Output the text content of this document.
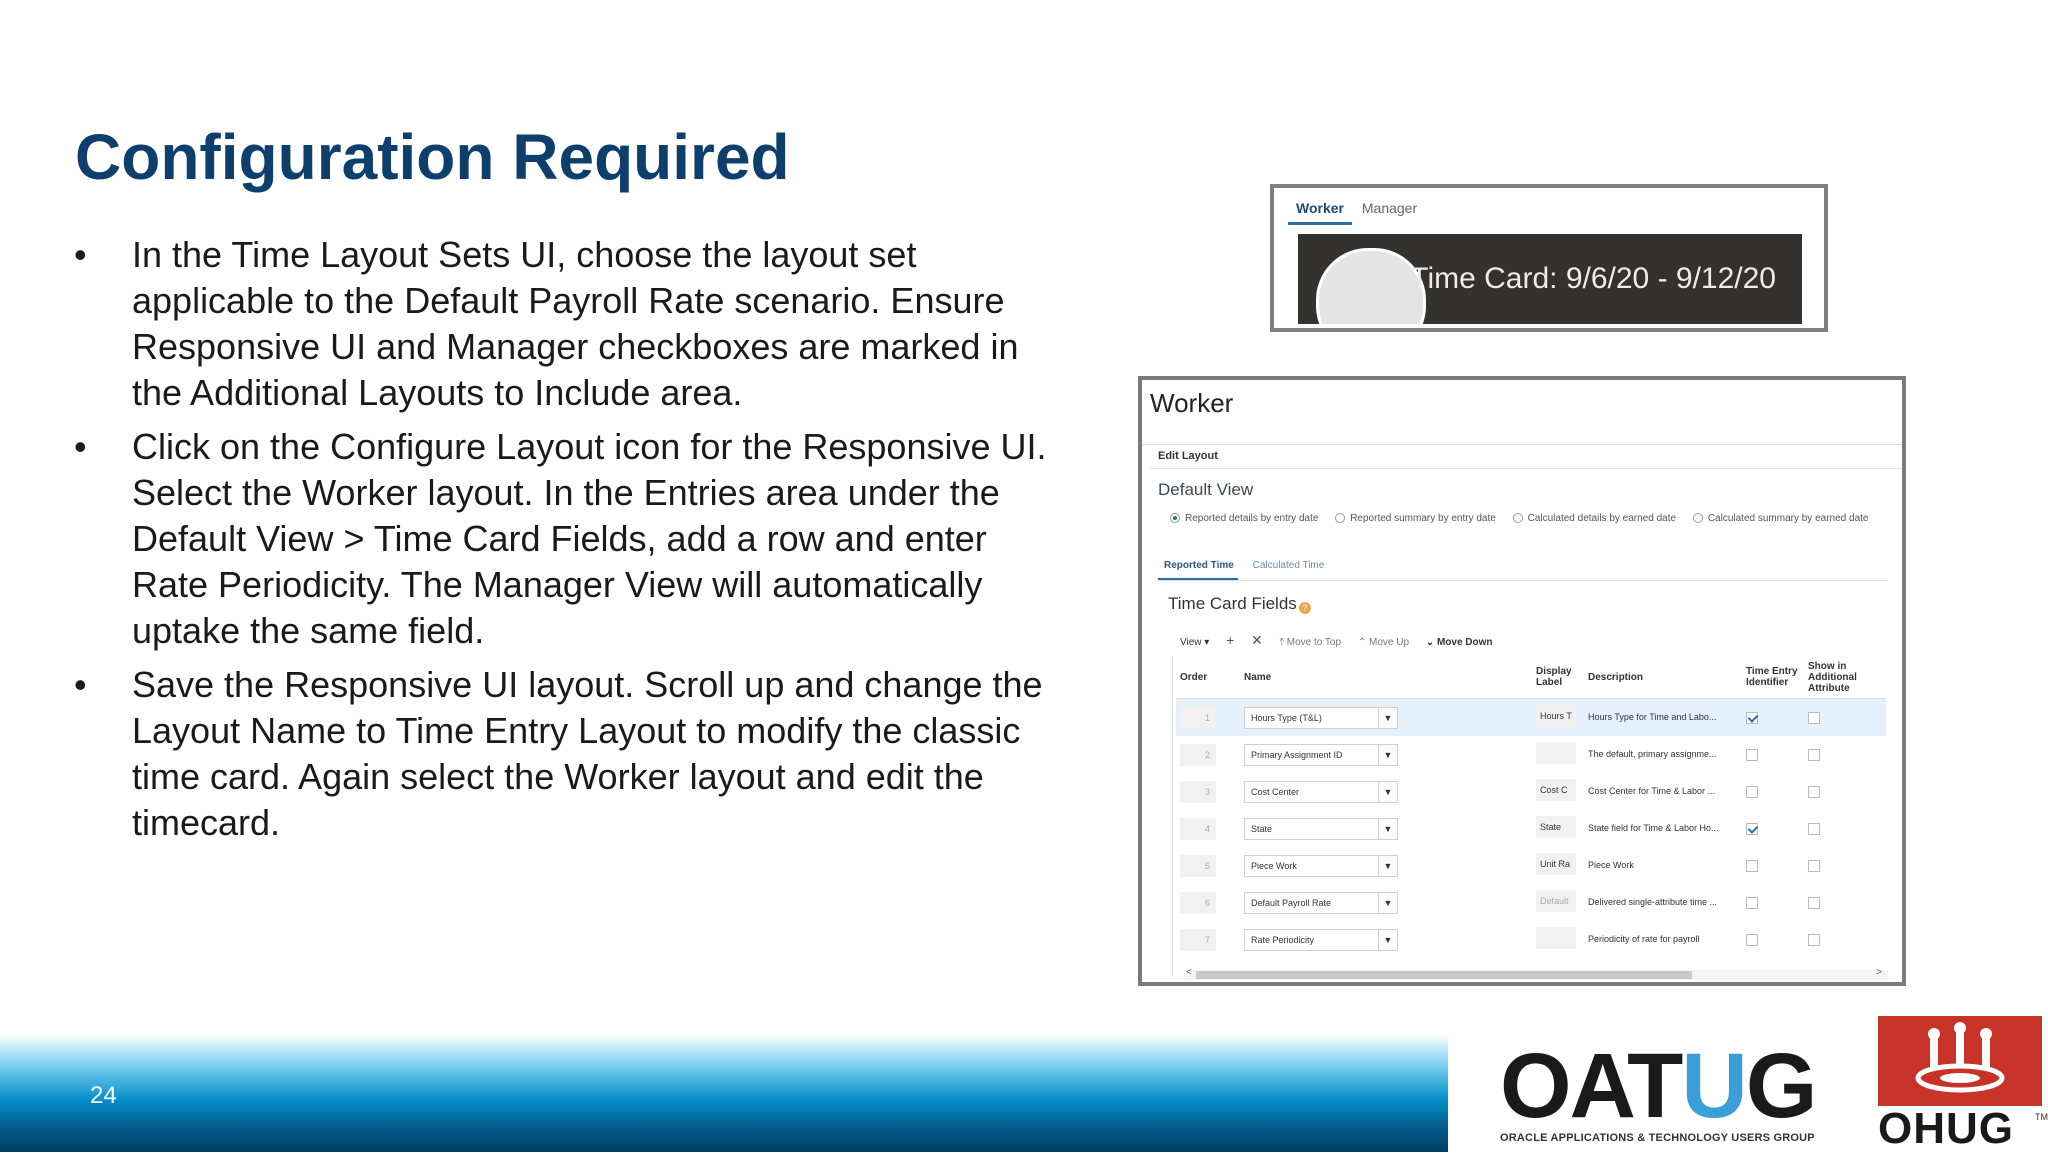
Configuration Required
• In the Time Layout Sets UI, choose the layout set applicable to the Default Payroll Rate scenario. Ensure Responsive UI and Manager checkboxes are marked in the Additional Layouts to Include area.
• Click on the Configure Layout icon for the Responsive UI. Select the Worker layout. In the Entries area under the Default View > Time Card Fields, add a row and enter Rate Periodicity. The Manager View will automatically uptake the same field.
• Save the Responsive UI layout. Scroll up and change the Layout Name to Time Entry Layout to modify the classic time card. Again select the Worker layout and edit the timecard.
Worker Manager
Time Card: 9/6/20 - 9/12/20
Worker
Edit Layout
Default View
Reported details by entry date	Reported summary by entry date	Calculated details by earned date	Calculated summary by earned date
Reported Time Calculated Time
Time Card Fields ?
View ▾ + ✕ ⤒ Move to Top ⌃ Move Up ⌄ Move Down
Order	Name	Display Label	Description	Time Entry Identifier	Show in Additional Attribute
1	Hours Type (T&L) ▼	Hours T	Hours Type for Time and Labo...		
2	Primary Assignment ID ▼		The default, primary assignme...		
3	Cost Center ▼	Cost C	Cost Center for Time & Labor ...		
4	State ▼	State	State field for Time & Labor Ho...		
5	Piece Work ▼	Unit Ra	Piece Work		
6	Default Payroll Rate ▼	Default	Delivered single-attribute time ...		
7	Rate Periodicity ▼		Periodicity of rate for payroll		
<	>
24	OATUG
ORACLE APPLICATIONS & TECHNOLOGY USERS GROUP OHUG TM
